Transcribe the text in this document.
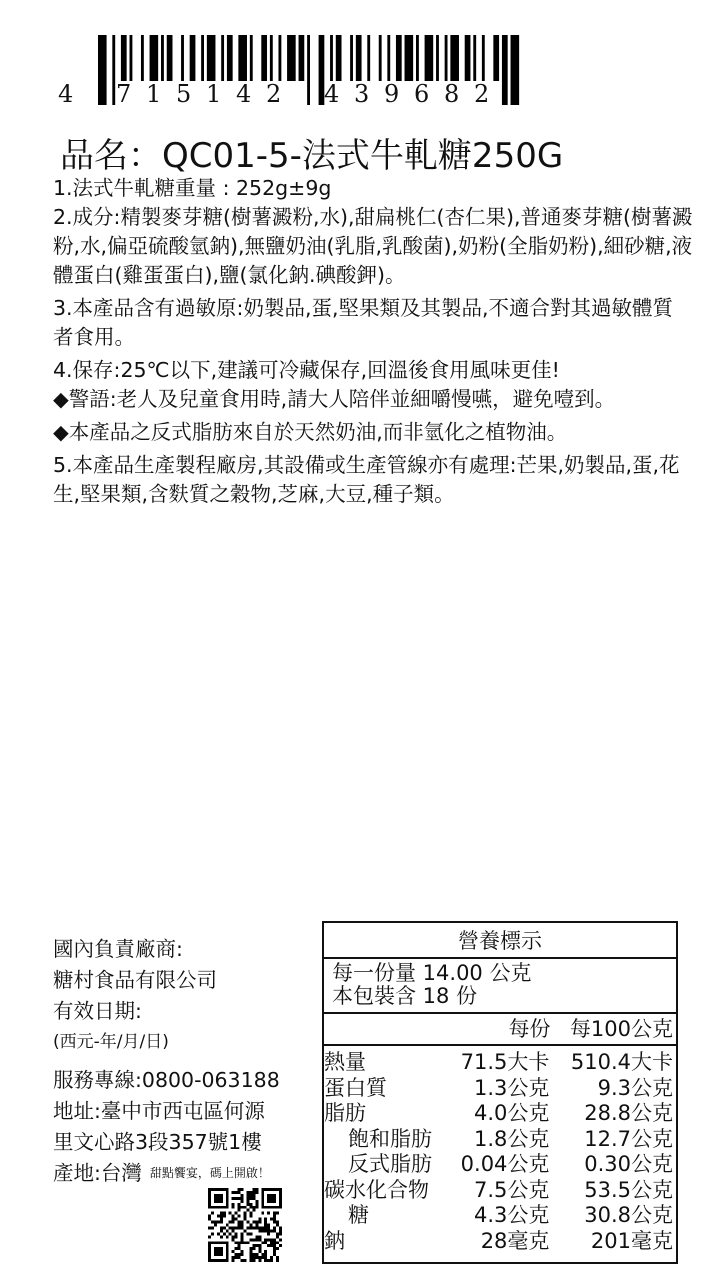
4 7 1 5 1 4 2 4 3 9 6 8 2
品名：QC01-5-法式牛軋糖250G

1.法式牛軋糖重量 : 252g±9g

2.成分:精製麥芽糖(樹薯澱粉,水),甜扁桃仁(杏仁果),普通麥芽糖(樹薯澱粉,水,偏亞硫酸氫鈉),無鹽奶油(乳脂,乳酸菌),奶粉(全脂奶粉),細砂糖,液體蛋白(雞蛋蛋白),鹽(氯化鈉.碘酸鉀)。

3.本產品含有過敏原:奶製品,蛋,堅果類及其製品,不適合對其過敏體質者食用。

4.保存:25℃以下,建議可冷藏保存,回溫後食用風味更佳!

◆警語:老人及兒童食用時,請大人陪伴並細嚼慢嚥，避免噎到。

◆本產品之反式脂肪來自於天然奶油,而非氫化之植物油。

5.本產品生產製程廠房,其設備或生產管線亦有處理:芒果,奶製品,蛋,花生,堅果類,含麩質之穀物,芝麻,大豆,種子類。

國內負責廠商:
糖村食品有限公司
有效日期:
(西元-年/月/日)
服務專線:0800-063188
地址:臺中市西屯區何源
里文心路3段357號1樓
產地:台灣 甜點饗宴，碼上開啟！
營養標示
每一份量 14.00 公克
本包裝含 18 份
每份 每100公克
熱量	71.5大卡	510.4大卡
蛋白質	1.3公克	9.3公克
脂肪	4.0公克	28.8公克
飽和脂肪	1.8公克	12.7公克
反式脂肪	0.04公克	0.30公克
碳水化合物	7.5公克	53.5公克
糖	4.3公克	30.8公克
鈉	28毫克	201毫克
